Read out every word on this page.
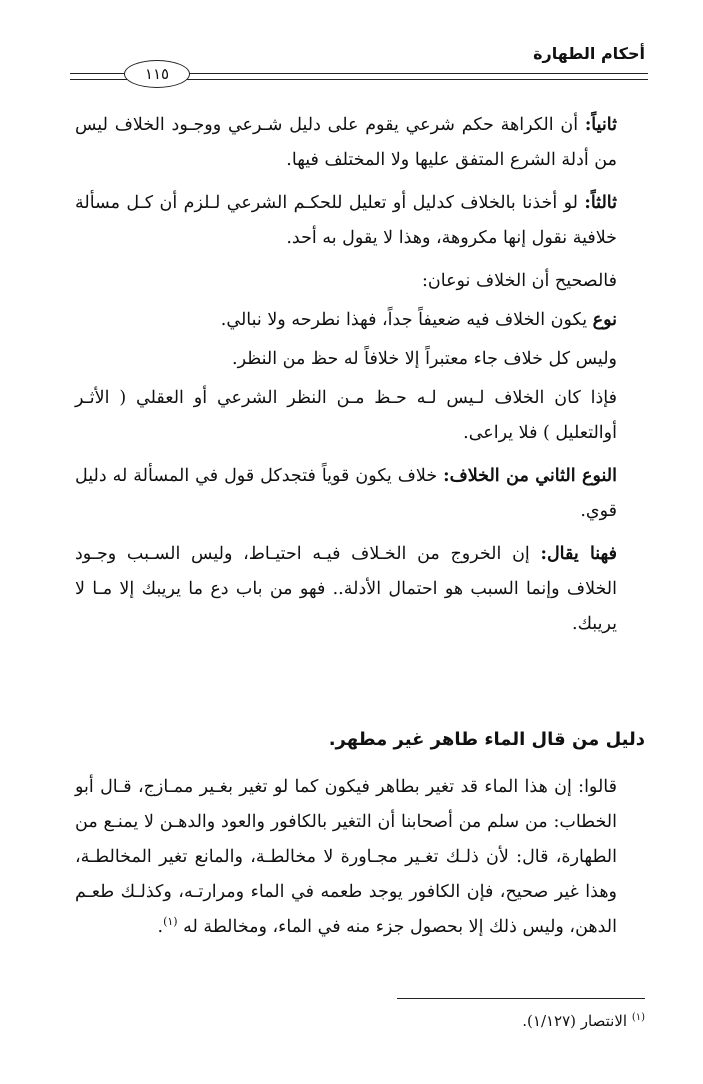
أحكام الطهارة
١١٥

ثانياً: أن الكراهة حكم شرعي يقوم على دليل شـرعي ووجـود الخلاف ليس من أدلة الشرع المتفق عليها ولا المختلف فيها.

ثالثاً: لو أخذنا بالخلاف كدليل أو تعليل للحكـم الشرعي لـلزم أن كـل مسألة خلافية نقول إنها مكروهة، وهذا لا يقول به أحد.

فالصحيح أن الخلاف نوعان:

نوع يكون الخلاف فيه ضعيفاً جداً، فهذا نطرحه ولا نبالي.

وليس كل خلاف جاء معتبراً إلا خلافاً له حظ من النظر.

فإذا كان الخلاف لـيس لـه حـظ مـن النظر الشرعي أو العقلي ( الأثـر أوالتعليل ) فلا يراعى.

النوع الثاني من الخلاف: خلاف يكون قوياً فتجدكل قول في المسألة له دليل قوي.

فهنا يقال: إن الخروج من الخـلاف فيـه احتيـاط، وليس السـبب وجـود الخلاف وإنما السبب هو احتمال الأدلة.. فهو من باب دع ما يريبك إلا مـا لا يريبك.

دليل من قال الماء طاهر غير مطهر.

قالوا: إن هذا الماء قد تغير بطاهر فيكون كما لو تغير بغـير ممـازج، قـال أبو الخطاب: من سلم من أصحابنا أن التغير بالكافور والعود والدهـن لا يمنـع من الطهارة، قال: لأن ذلـك تغـير مجـاورة لا مخالطـة، والمانع تغير المخالطـة، وهذا غير صحيح، فإن الكافور يوجد طعمه في الماء ومرارتـه، وكذلـك طعـم الدهن، وليس ذلك إلا بحصول جزء منه في الماء، ومخالطة له $^{(١)}$.

$^{(١)}$ الانتصار (١/١٢٧).
